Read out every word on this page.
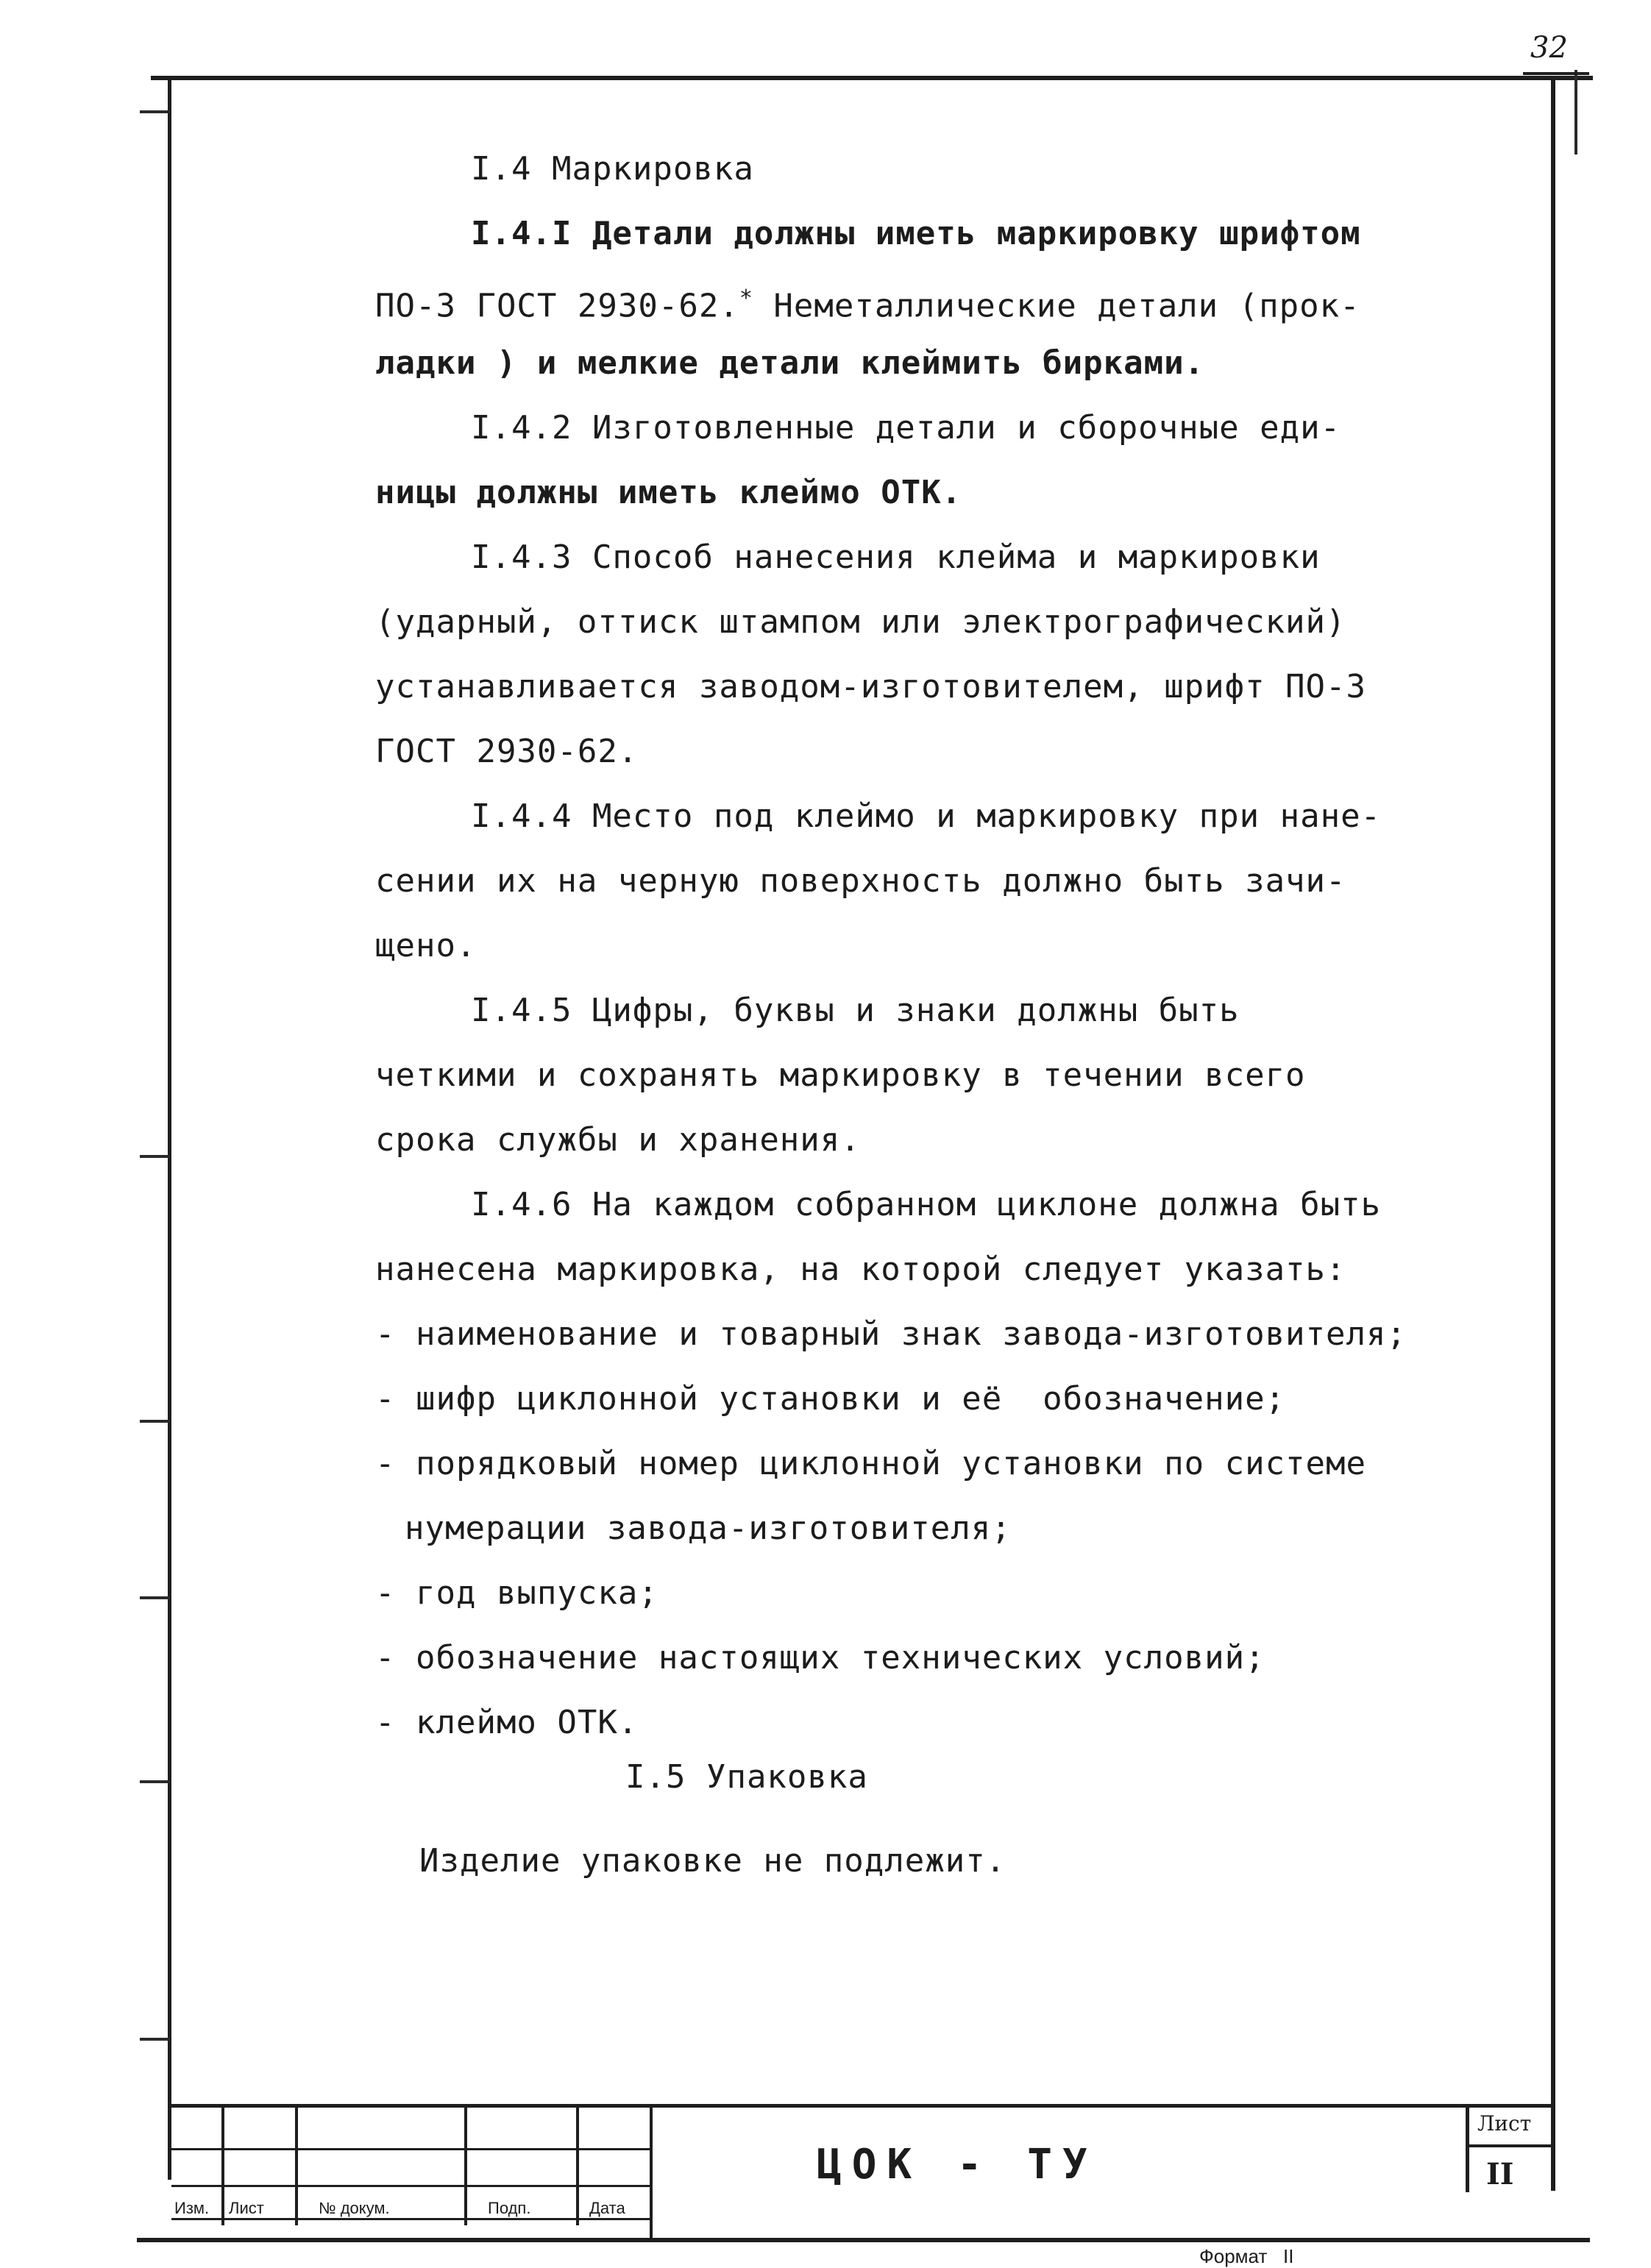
32
I.4 Маркировка
I.4.I Детали должны иметь маркировку шрифтом
ПО-3 ГОСТ 2930-62.* Неметаллические детали (прок-
ладки ) и мелкие детали клеймить бирками.
I.4.2 Изготовленные детали и сборочные еди-
ницы должны иметь клеймо ОТК.
I.4.3 Способ нанесения клейма и маркировки
(ударный, оттиск штампом или электрографический)
устанавливается заводом-изготовителем, шрифт ПО-3
ГОСТ 2930-62.
I.4.4 Место под клеймо и маркировку при нане-
сении их на черную поверхность должно быть зачи-
щено.
I.4.5 Цифры, буквы и знаки должны быть
четкими и сохранять маркировку в течении всего
срока службы и хранения.
I.4.6 На каждом собранном циклоне должна быть
нанесена маркировка, на которой следует указать:
- наименование и товарный знак завода-изготовителя;
- шифр циклонной установки и её  обозначение;
- порядковый номер циклонной установки по системе
нумерации завода-изготовителя;
- год выпуска;
- обозначение настоящих технических условий;
- клеймо ОТК.
I.5 Упаковка
Изделие упаковке не подлежит.
Изм. Лист	№ докум.	Подп.	Дата
ЦОК - ТУ
Лист
II
Формат II
